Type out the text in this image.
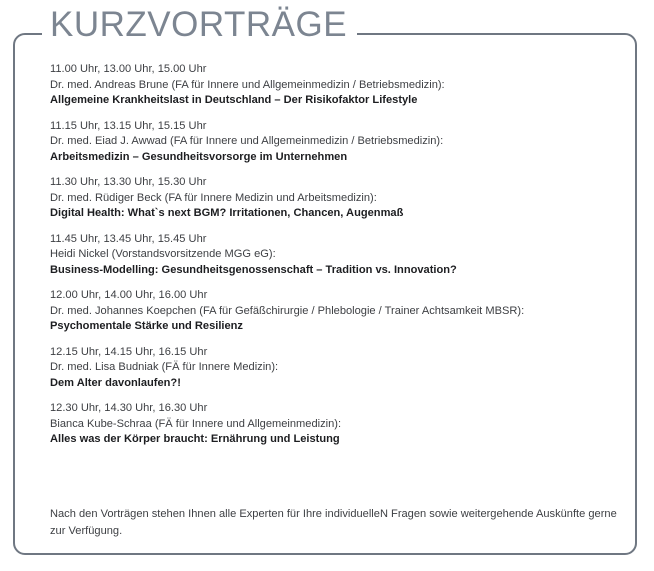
KURZVORTRÄGE
11.00 Uhr, 13.00 Uhr, 15.00 Uhr
Dr. med. Andreas Brune (FA für Innere und Allgemeinmedizin / Betriebsmedizin):
Allgemeine Krankheitslast in Deutschland – Der Risikofaktor Lifestyle
11.15 Uhr, 13.15 Uhr, 15.15 Uhr
Dr. med. Eiad J. Awwad (FA für Innere und Allgemeinmedizin / Betriebsmedizin):
Arbeitsmedizin – Gesundheitsvorsorge im Unternehmen
11.30 Uhr, 13.30 Uhr, 15.30 Uhr
Dr. med. Rüdiger Beck (FA für Innere Medizin und Arbeitsmedizin):
Digital Health: What`s next BGM? Irritationen, Chancen, Augenmaß
11.45 Uhr, 13.45 Uhr, 15.45 Uhr
Heidi Nickel (Vorstandsvorsitzende MGG eG):
Business-Modelling: Gesundheitsgenossenschaft – Tradition vs. Innovation?
12.00 Uhr, 14.00 Uhr, 16.00 Uhr
Dr. med. Johannes Koepchen (FA für Gefäßchirurgie / Phlebologie / Trainer Achtsamkeit MBSR):
Psychomentale Stärke und Resilienz
12.15 Uhr, 14.15 Uhr, 16.15 Uhr
Dr. med. Lisa Budniak (FÄ für Innere Medizin):
Dem Alter davonlaufen?!
12.30 Uhr, 14.30 Uhr, 16.30 Uhr
Bianca Kube-Schraa (FÄ für Innere und Allgemeinmedizin):
Alles was der Körper braucht: Ernährung und Leistung
Nach den Vorträgen stehen Ihnen alle Experten für Ihre individuelleN Fragen sowie weitergehende Auskünfte gerne zur Verfügung.
